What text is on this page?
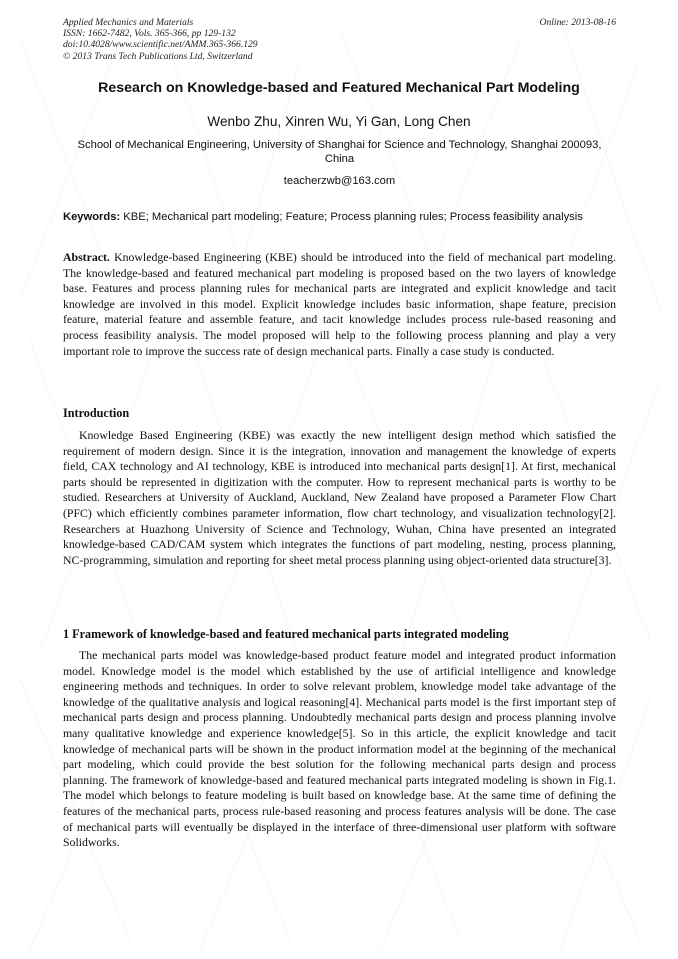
Applied Mechanics and Materials
ISSN: 1662-7482, Vols. 365-366, pp 129-132
doi:10.4028/www.scientific.net/AMM.365-366.129
© 2013 Trans Tech Publications Ltd, Switzerland
Online: 2013-08-16
Research on Knowledge-based and Featured Mechanical Part Modeling
Wenbo Zhu, Xinren Wu, Yi Gan, Long Chen
School of Mechanical Engineering, University of Shanghai for Science and Technology, Shanghai 200093, China
teacherzwb@163.com
Keywords: KBE; Mechanical part modeling; Feature; Process planning rules; Process feasibility analysis
Abstract. Knowledge-based Engineering (KBE) should be introduced into the field of mechanical part modeling. The knowledge-based and featured mechanical part modeling is proposed based on the two layers of knowledge base. Features and process planning rules for mechanical parts are integrated and explicit knowledge and tacit knowledge are involved in this model. Explicit knowledge includes basic information, shape feature, precision feature, material feature and assemble feature, and tacit knowledge includes process rule-based reasoning and process feasibility analysis. The model proposed will help to the following process planning and play a very important role to improve the success rate of design mechanical parts. Finally a case study is conducted.
Introduction
Knowledge Based Engineering (KBE) was exactly the new intelligent design method which satisfied the requirement of modern design. Since it is the integration, innovation and management the knowledge of experts field, CAX technology and AI technology, KBE is introduced into mechanical parts design[1]. At first, mechanical parts should be represented in digitization with the computer. How to represent mechanical parts is worthy to be studied. Researchers at University of Auckland, Auckland, New Zealand have proposed a Parameter Flow Chart (PFC) which efficiently combines parameter information, flow chart technology, and visualization technology[2]. Researchers at Huazhong University of Science and Technology, Wuhan, China have presented an integrated knowledge-based CAD/CAM system which integrates the functions of part modeling, nesting, process planning, NC-programming, simulation and reporting for sheet metal process planning using object-oriented data structure[3].
1 Framework of knowledge-based and featured mechanical parts integrated modeling
The mechanical parts model was knowledge-based product feature model and integrated product information model. Knowledge model is the model which established by the use of artificial intelligence and knowledge engineering methods and techniques. In order to solve relevant problem, knowledge model take advantage of the knowledge of the qualitative analysis and logical reasoning[4]. Mechanical parts model is the first important step of mechanical parts design and process planning. Undoubtedly mechanical parts design and process planning involve many qualitative knowledge and experience knowledge[5]. So in this article, the explicit knowledge and tacit knowledge of mechanical parts will be shown in the product information model at the beginning of the mechanical part modeling, which could provide the best solution for the following mechanical parts design and process planning. The framework of knowledge-based and featured mechanical parts integrated modeling is shown in Fig.1. The model which belongs to feature modeling is built based on knowledge base. At the same time of defining the features of the mechanical parts, process rule-based reasoning and process features analysis will be done. The case of mechanical parts will eventually be displayed in the interface of three-dimensional user platform with software Solidworks.
